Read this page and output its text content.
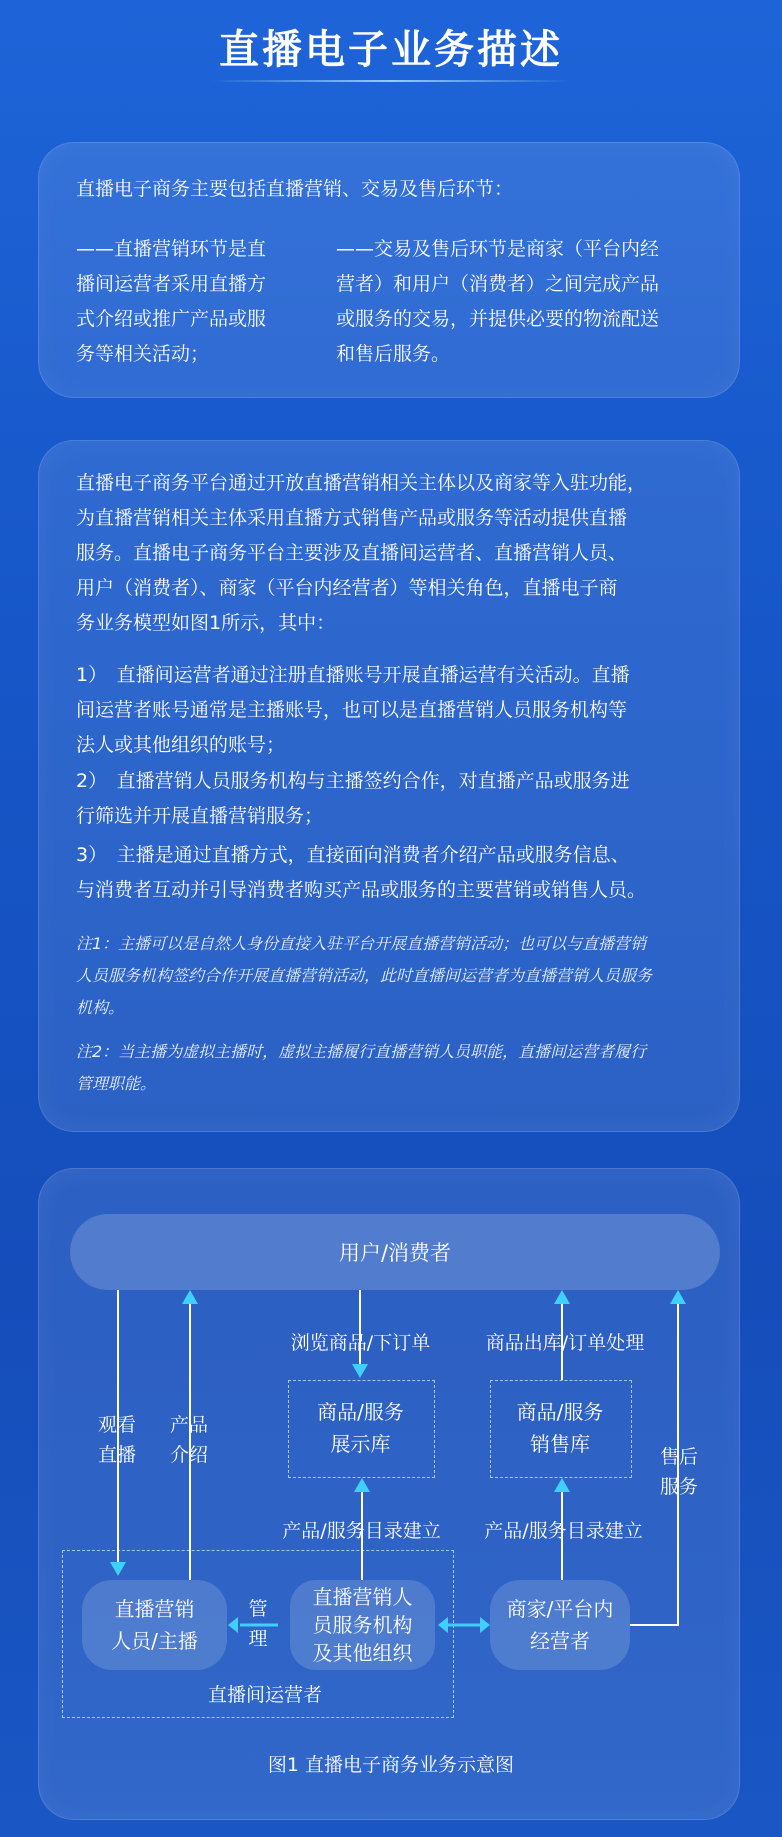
直播电子业务描述

直播电子商务主要包括直播营销、交易及售后环节：

——直播营销环节是直
播间运营者采用直播方
式介绍或推广产品或服
务等相关活动；
——交易及售后环节是商家（平台内经
营者）和用户（消费者）之间完成产品
或服务的交易，并提供必要的物流配送
和售后服务。
直播电子商务平台通过开放直播营销相关主体以及商家等入驻功能，
为直播营销相关主体采用直播方式销售产品或服务等活动提供直播
服务。直播电子商务平台主要涉及直播间运营者、直播营销人员、
用户（消费者）、商家（平台内经营者）等相关角色，直播电子商
务业务模型如图1所示，其中：
1）　直播间运营者通过注册直播账号开展直播运营有关活动。直播
间运营者账号通常是主播账号，也可以是直播营销人员服务机构等
法人或其他组织的账号；
2）　直播营销人员服务机构与主播签约合作，对直播产品或服务进
行筛选并开展直播营销服务；
3）　主播是通过直播方式，直接面向消费者介绍产品或服务信息、
与消费者互动并引导消费者购买产品或服务的主要营销或销售人员。
注1：主播可以是自然人身份直接入驻平台开展直播营销活动；也可以与直播营销
人员服务机构签约合作开展直播营销活动，此时直播间运营者为直播营销人员服务
机构。
注2：当主播为虚拟主播时，虚拟主播履行直播营销人员职能，直播间运营者履行
管理职能。
用户/消费者
商品/服务
展示库
商品/服务
销售库
直播营销
人员/主播
直播营销人
员服务机构
及其他组织
商家/平台内
经营者
浏览商品/下订单	商品出库/订单处理
观看
直播
产品
介绍	售后
服务
产品/服务目录建立	产品/服务目录建立
管
理
直播间运营者
图1 直播电子商务业务示意图
